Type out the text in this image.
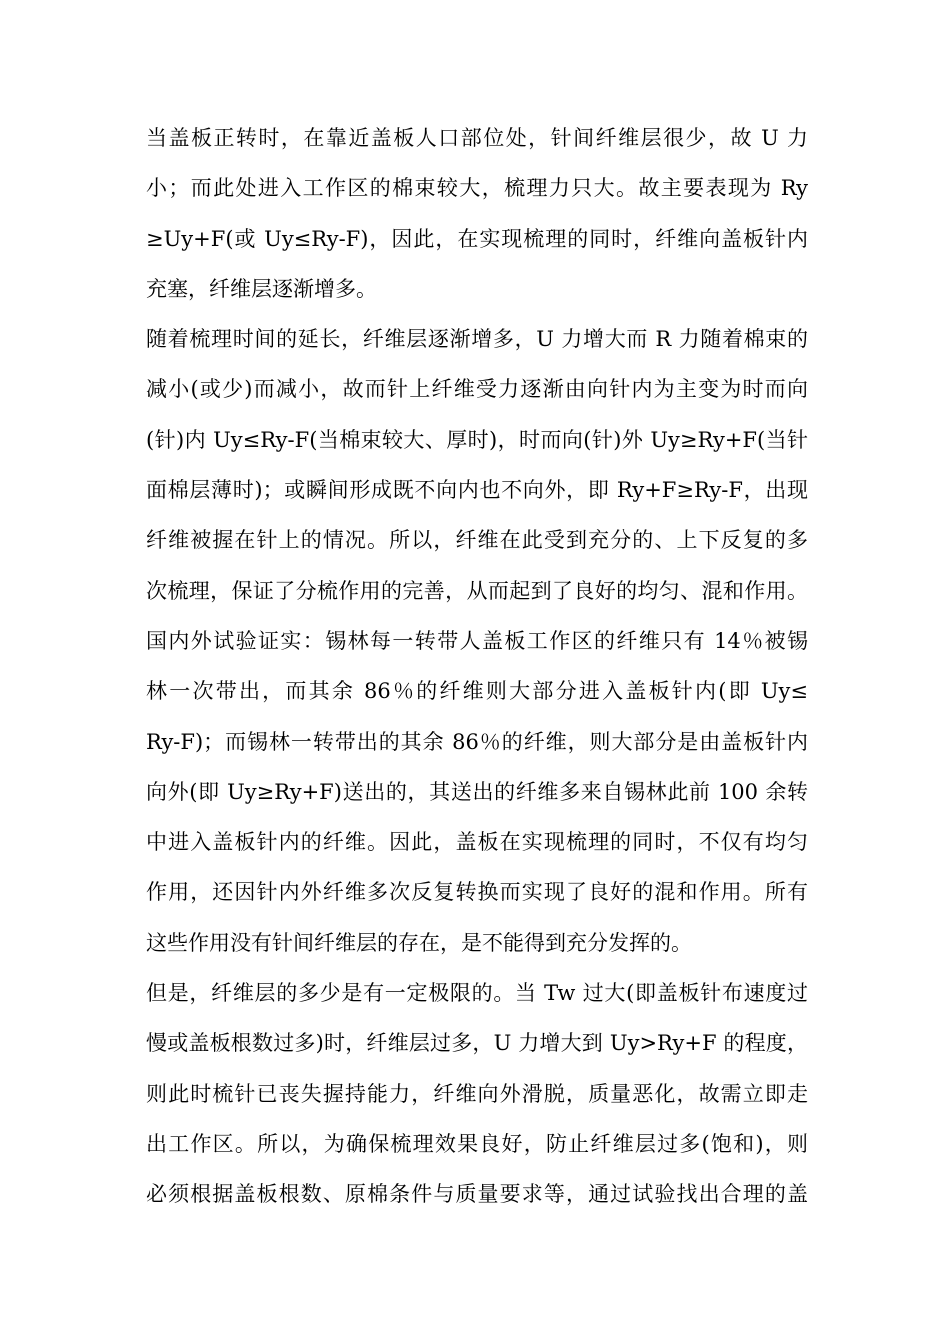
当盖板正转时，在靠近盖板人口部位处，针间纤维层很少，故 U 力
小；而此处进入工作区的棉束较大，梳理力只大。故主要表现为 Ry
≥Uy+F(或 Uy≤Ry-F)，因此，在实现梳理的同时，纤维向盖板针内
充塞，纤维层逐渐增多。
随着梳理时间的延长，纤维层逐渐增多，U 力增大而 R 力随着棉束的
减小(或少)而减小，故而针上纤维受力逐渐由向针内为主变为时而向
(针)内 Uy≤Ry-F(当棉束较大、厚时)，时而向(针)外 Uy≥Ry+F(当针
面棉层薄时)；或瞬间形成既不向内也不向外，即 Ry+F≥Ry-F，出现
纤维被握在针上的情况。所以，纤维在此受到充分的、上下反复的多
次梳理，保证了分梳作用的完善，从而起到了良好的均匀、混和作用。
国内外试验证实：锡林每一转带人盖板工作区的纤维只有 14％被锡
林一次带出，而其余 86％的纤维则大部分进入盖板针内(即 Uy≤
Ry-F)；而锡林一转带出的其余 86％的纤维，则大部分是由盖板针内
向外(即 Uy≥Ry+F)送出的，其送出的纤维多来自锡林此前 100 余转
中进入盖板针内的纤维。因此，盖板在实现梳理的同时，不仅有均匀
作用，还因针内外纤维多次反复转换而实现了良好的混和作用。所有
这些作用没有针间纤维层的存在，是不能得到充分发挥的。
但是，纤维层的多少是有一定极限的。当 Tw 过大(即盖板针布速度过
慢或盖板根数过多)时，纤维层过多，U 力增大到 Uy>Ry+F 的程度，
则此时梳针已丧失握持能力，纤维向外滑脱，质量恶化，故需立即走
出工作区。所以，为确保梳理效果良好，防止纤维层过多(饱和)，则
必须根据盖板根数、原棉条件与质量要求等，通过试验找出合理的盖
